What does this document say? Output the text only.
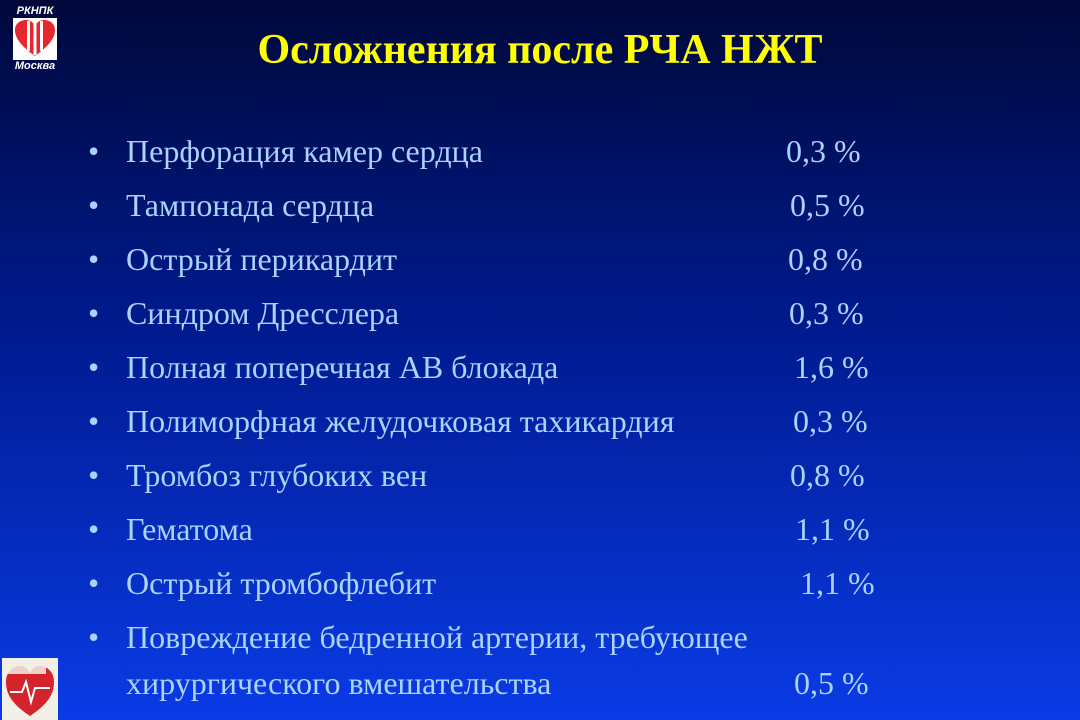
РКНПК
Москва	Осложнения после РЧА НЖТ
• Перфорация камер сердца	0,3 %
• Тампонада сердца	0,5 %
• Острый перикардит	0,8 %
• Синдром Дресслера	0,3 %
• Полная поперечная АВ блокада	1,6 %
• Полиморфная желудочковая тахикардия	0,3 %
• Тромбоз глубоких вен	0,8 %
• Гематома	1,1 %
• Острый тромбофлебит	1,1 %
• Повреждение бедренной артерии, требующее хирургического вмешательства	0,5 %
